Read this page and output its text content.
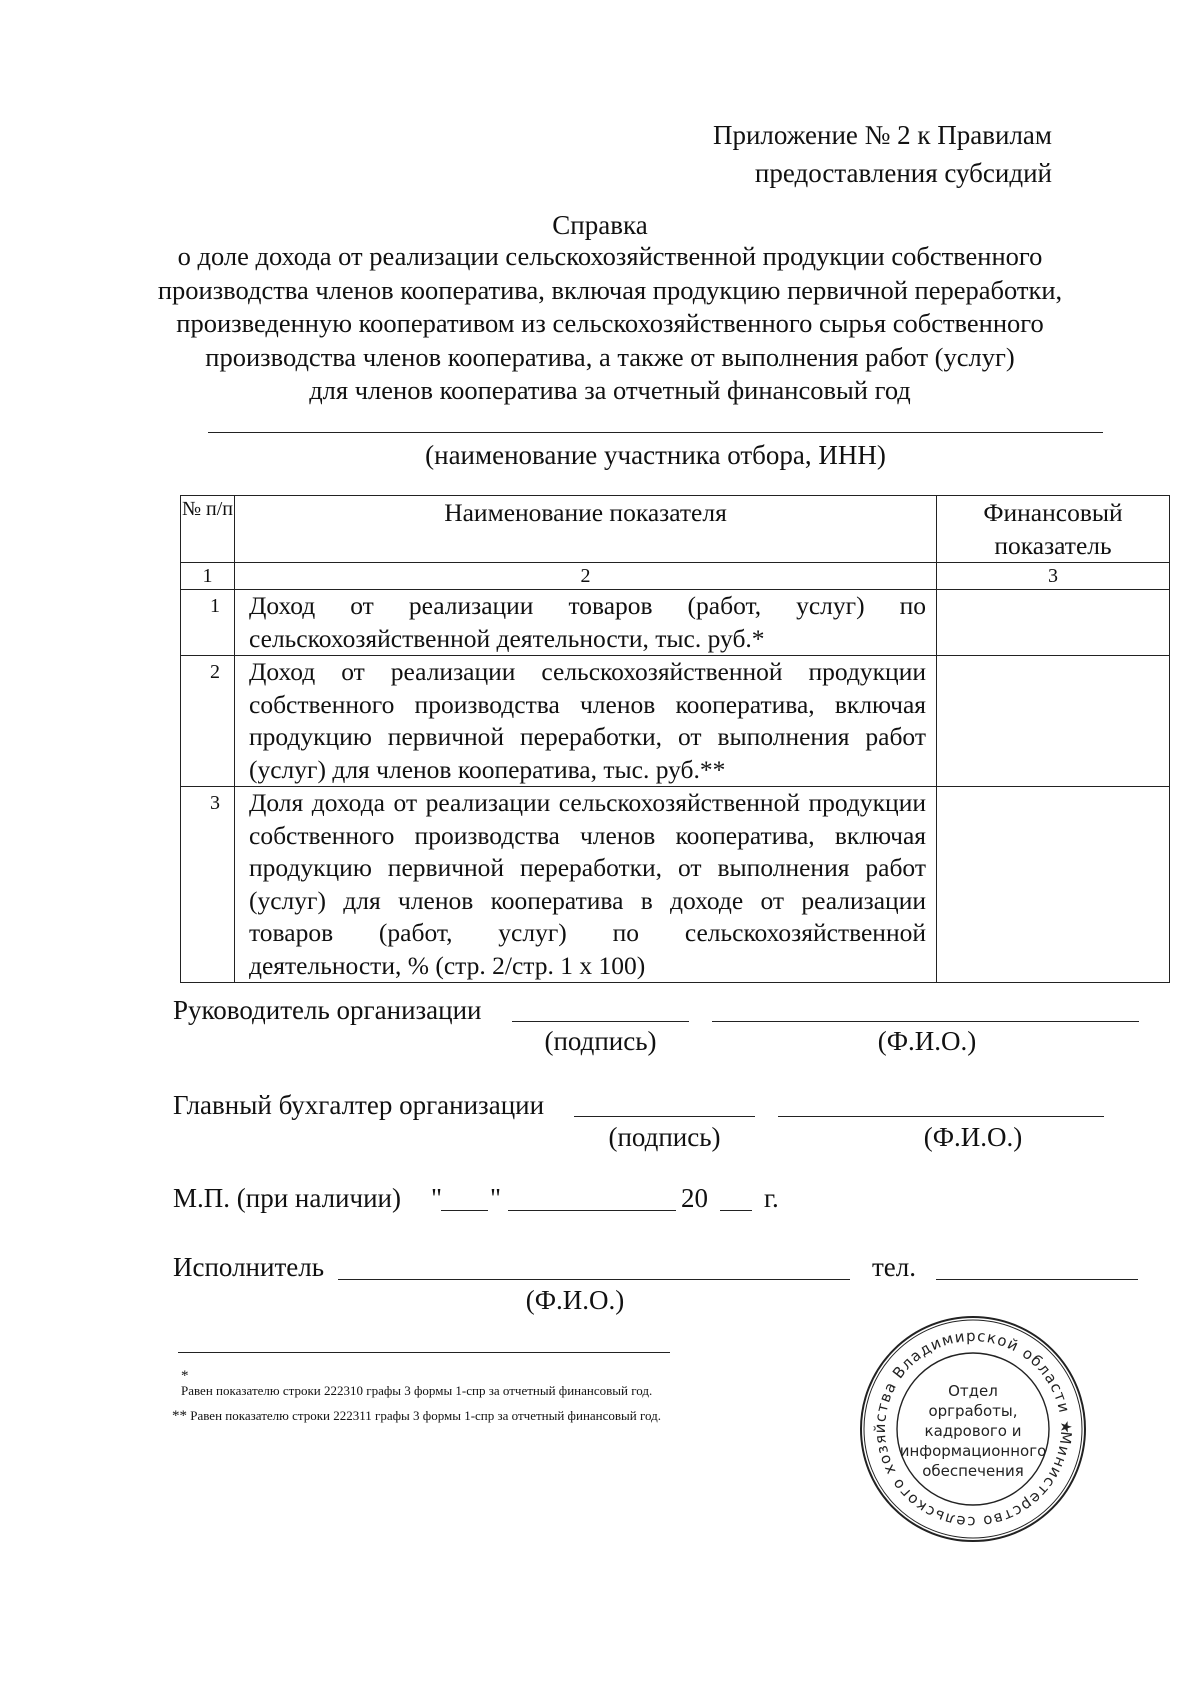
Приложение № 2 к Правилам
предоставления субсидий
Справка
о доле дохода от реализации сельскохозяйственной продукции собственного
производства членов кооператива, включая продукцию первичной переработки,
произведенную кооперативом из сельскохозяйственного сырья собственного
производства членов кооператива, а также от выполнения работ (услуг)
для членов кооператива за отчетный финансовый год
(наименование участника отбора, ИНН)
№ п/п	Наименование показателя	Финансовый показатель
1	2	3
1	Доход от реализации товаров (работ, услуг) по сельскохозяйственной деятельности, тыс. руб.*	
2	Доход от реализации сельскохозяйственной продукции собственного производства членов кооператива, включая продукцию первичной переработки, от выполнения работ (услуг) для членов кооператива, тыс. руб.**	
3	Доля дохода от реализации сельскохозяйственной продукции собственного производства членов кооператива, включая продукцию первичной переработки, от выполнения работ (услуг) для членов кооператива в доходе от реализации товаров (работ, услуг) по сельскохозяйственной деятельности, % (стр. 2/стр. 1 x 100)	
Руководитель организации
(подпись)	(Ф.И.О.)
Главный бухгалтер организации
(подпись)	(Ф.И.О.)
М.П. (при наличии) " "	20 г.
Исполнитель	тел.
(Ф.И.О.)
*
Равен показателю строки 222310 графы 3 формы 1-спр за отчетный финансовый год.
** Равен показателю строки 222311 графы 3 формы 1-спр за отчетный финансовый год.
Министерство сельского хозяйства Владимирской области ★
Отдел
оргработы,
кадрового и
информационного
обеспечения
